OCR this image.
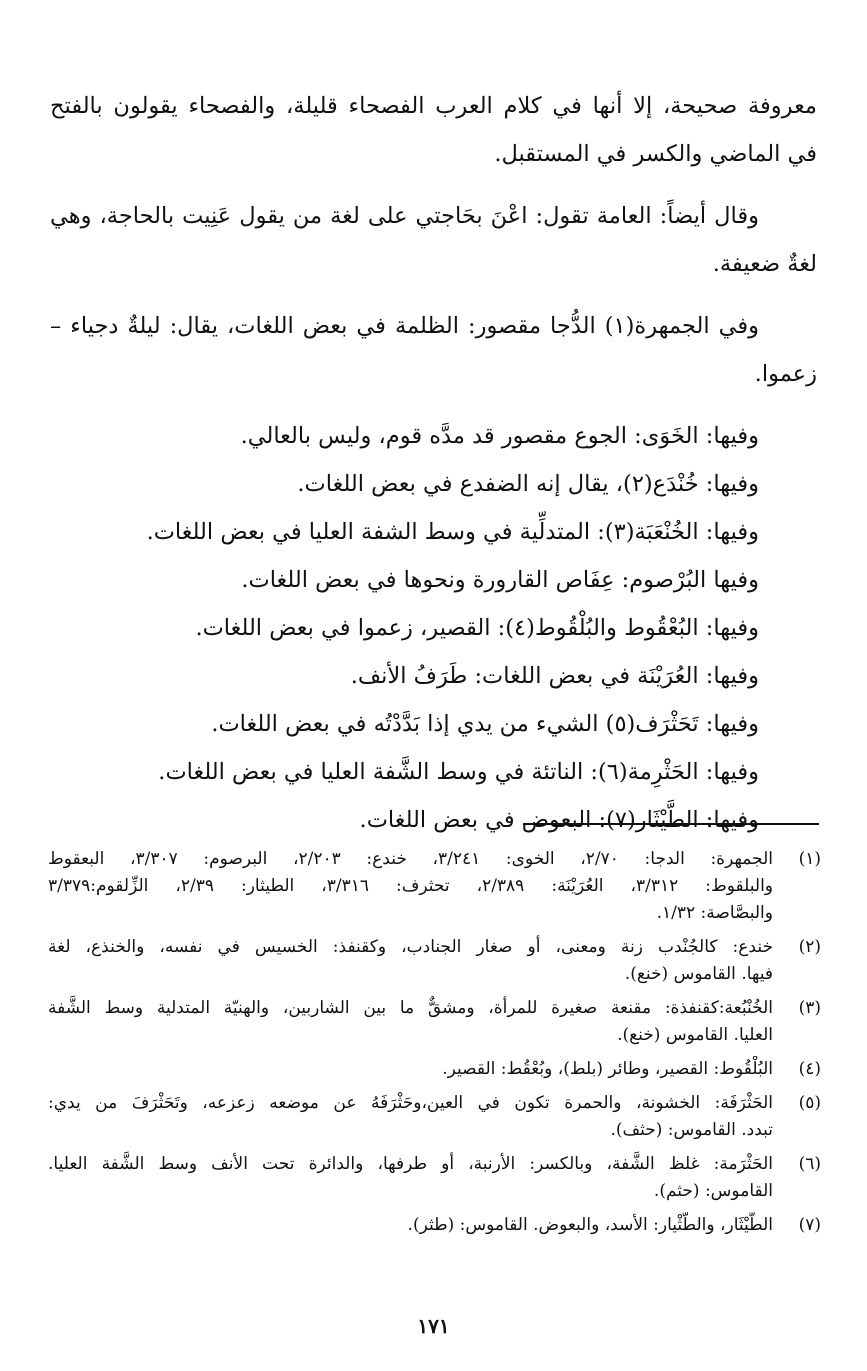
معروفة صحيحة، إلا أنها في كلام العرب الفصحاء قليلة، والفصحاء يقولون بالفتح
في الماضي والكسر في المستقبل.
وقال أيضاً: العامة تقول: اعْنَ بحَاجتي على لغة من يقول عَنِيت بالحاجة، وهي
لغةٌ ضعيفة.
وفي الجمهرة(١) الدُّجا مقصور: الظلمة في بعض اللغات، يقال: ليلةٌ دجياء –
زعموا.
وفيها: الخَوَى: الجوع مقصور قد مدَّه قوم، وليس بالعالي.
وفيها: خُنْدَع(٢)، يقال إنه الضفدع في بعض اللغات.
وفيها: الخُنْعَبَة(٣): المتدلِّية في وسط الشفة العليا في بعض اللغات.
وفيها البُرْصوم: عِفَاص القارورة ونحوها في بعض اللغات.
وفيها: البُعْقُوط والبُلْقُوط(٤): القصير، زعموا في بعض اللغات.
وفيها: العُرَيْنَة في بعض اللغات: طَرَفُ الأنف.
وفيها: تَحَثْرَف(٥) الشيء من يدي إذا بَدَّدْتُه في بعض اللغات.
وفيها: الحَثْرِمة(٦): الناتئة في وسط الشَّفة العليا في بعض اللغات.
وفيها: الطَّيْثَار(٧): البعوض في بعض اللغات.
(١)الجمهرة: الدجا: ٢/٧٠، الخوى: ٣/٢٤١، خندع: ٢/٢٠٣، البرصوم: ٣/٣٠٧، البعقوط
والبلقوط: ٣/٣١٢، العُرَيْنَة: ٢/٣٨٩، تحثرف: ٣/٣١٦، الطيثار: ٢/٣٩، الزِّلقوم:٣/٣٧٩
والبصَّاصة: ١/٣٢.
(٢)خندع: كالجُنْدب زنة ومعنى، أو صغار الجنادب، وكقنفذ: الخسيس في نفسه، والخنذع، لغة
فيها. القاموس (خنع).
(٣)الخُنْبُعة:كقنفذة: مقنعة صغيرة للمرأة، ومشقٌّ ما بين الشاربين، والهنيّة المتدلية وسط الشَّفة
العليا. القاموس (خنع).
(٤)البُلْقُوط: القصير، وطائر (بلط)، وبُعْقُط: القصير.
(٥)الحَثْرَفَة: الخشونة، والحمرة تكون في العين،وحَثْرَفَهُ عن موضعه زعزعه، وتَحَثْرَفَ من يدي:
تبدد. القاموس: (حثف).
(٦)الحَثْرَمة: غلظ الشَّفة، وبالكسر: الأرنبة، أو طرفها، والدائرة تحت الأنف وسط الشَّفة العليا.
القاموس: (حثم).
(٧)الطَّيْثَار، والطَّثْيار: الأسد، والبعوض. القاموس: (طثر).
١٧١
